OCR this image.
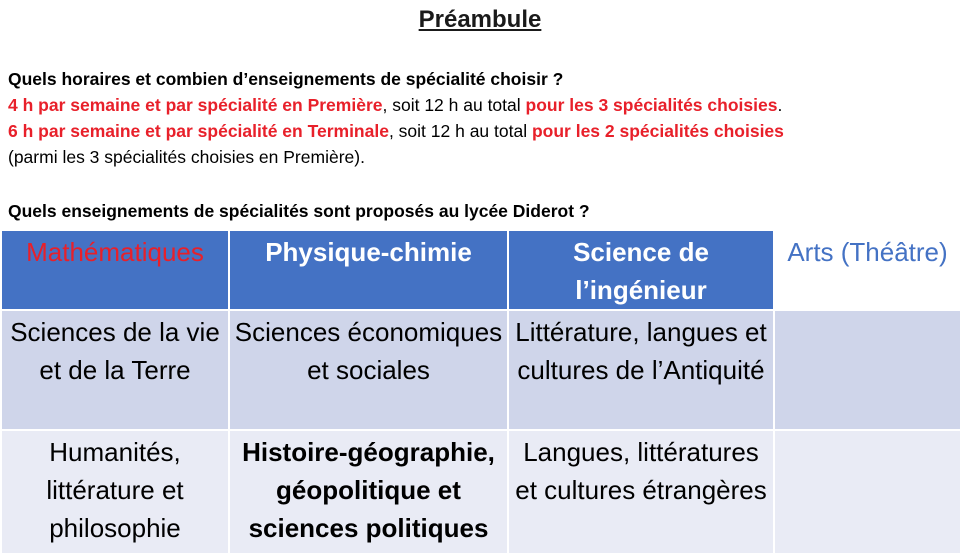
Préambule
Quels horaires et combien d’enseignements de spécialité choisir ?
4 h par semaine et par spécialité en Première, soit 12 h au total pour les 3 spécialités choisies.
6 h par semaine et par spécialité en Terminale, soit 12 h au total pour les 2 spécialités choisies
(parmi les 3 spécialités choisies en Première).
Quels enseignements de spécialités sont proposés au lycée Diderot ?
Mathématiques	Physique-chimie	Science de l’ingénieur	Arts (Théâtre)
Sciences de la vie et de la Terre	Sciences économiques et sociales	Littérature, langues et cultures de l’Antiquité	
Humanités, littérature et philosophie	Histoire-géographie, géopolitique et sciences politiques	Langues, littératures et cultures étrangères	
